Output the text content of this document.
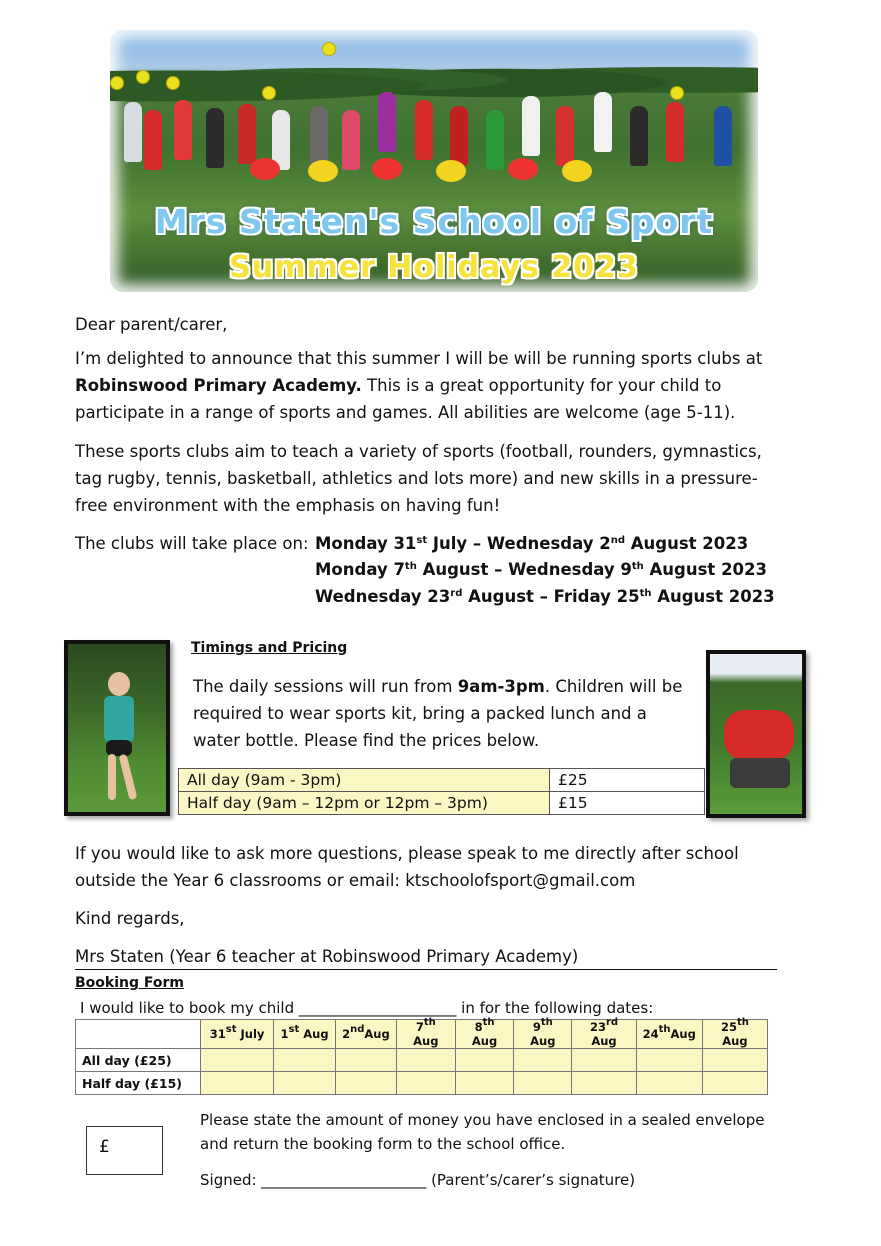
Mrs Staten's School of Sport
Summer Holidays 2023
Dear parent/carer,
I’m delighted to announce that this summer I will be will be running sports clubs at Robinswood Primary Academy. This is a great opportunity for your child to participate in a range of sports and games. All abilities are welcome (age 5-11).
These sports clubs aim to teach a variety of sports (football, rounders, gymnastics, tag rugby, tennis, basketball, athletics and lots more) and new skills in a pressure-free environment with the emphasis on having fun!
The clubs will take place on: Monday 31st July – Wednesday 2nd August 2023
Monday 7th August – Wednesday 9th August 2023
Wednesday 23rd August – Friday 25th August 2023
Timings and Pricing
The daily sessions will run from 9am-3pm. Children will be required to wear sports kit, bring a packed lunch and a water bottle. Please find the prices below.
All day (9am - 3pm)	£25
Half day (9am – 12pm or 12pm – 3pm)	£15
If you would like to ask more questions, please speak to me directly after school outside the Year 6 classrooms or email: ktschoolofsport@gmail.com
Kind regards,
Mrs Staten (Year 6 teacher at Robinswood Primary Academy)
Booking Form
I would like to book my child _____________________ in for the following dates:
	31st July	1st Aug	2ndAug	7th Aug	8th Aug	9th Aug	23rd Aug	24thAug	25th Aug
All day (£25)									
Half day (£15)									
£
Please state the amount of money you have enclosed in a sealed envelope and return the booking form to the school office.
Signed: ______________________ (Parent’s/carer’s signature)
